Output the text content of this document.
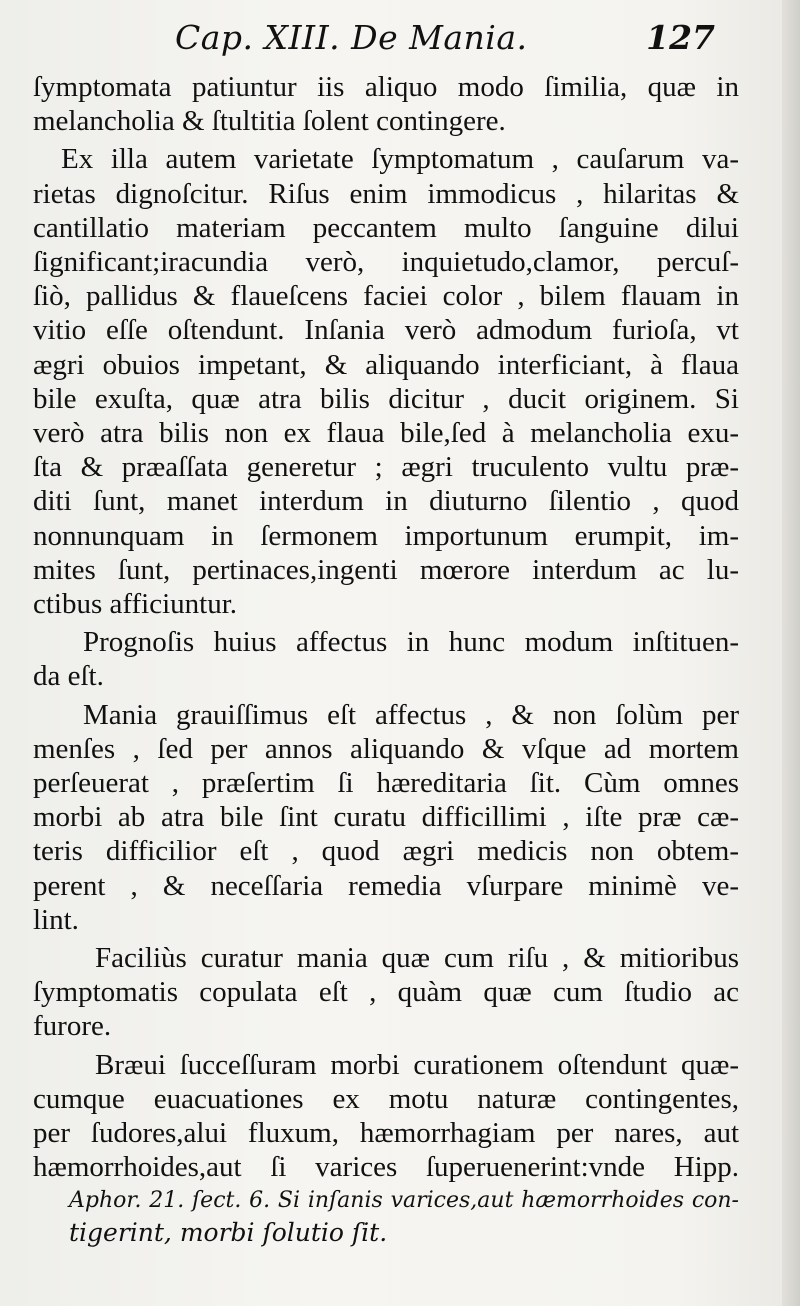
Cap. XIII. De Mania.	127
ſymptomata patiuntur iis aliquo modo ſimilia, quæ in
melancholia & ſtultitia ſolent contingere.
Ex illa autem varietate ſymptomatum , cauſarum va-
rietas dignoſcitur. Riſus enim immodicus , hilaritas &
cantillatio materiam peccantem multo ſanguine dilui
ſignificant;iracundia verò, inquietudo,clamor, percuſ-
ſiò, pallidus & flaueſcens faciei color , bilem flauam in
vitio eſſe oſtendunt. Inſania verò admodum furioſa, vt
ægri obuios impetant, & aliquando interficiant, à flaua
bile exuſta, quæ atra bilis dicitur , ducit originem. Si
verò atra bilis non ex flaua bile,ſed à melancholia exu-
ſta & præaſſata generetur ; ægri truculento vultu præ-
diti ſunt, manet interdum in diuturno ſilentio , quod
nonnunquam in ſermonem importunum erumpit, im-
mites ſunt, pertinaces,ingenti mœrore interdum ac lu-
ctibus afficiuntur.
Prognoſis huius affectus in hunc modum inſtituen-
da eſt.
Mania grauiſſimus eſt affectus , & non ſolùm per
menſes , ſed per annos aliquando & vſque ad mortem
perſeuerat , præſertim ſi hæreditaria ſit. Cùm omnes
morbi ab atra bile ſint curatu difficillimi , iſte præ cæ-
teris difficilior eſt , quod ægri medicis non obtem-
perent , & neceſſaria remedia vſurpare minimè ve-
lint.
Faciliùs curatur mania quæ cum riſu , & mitioribus
ſymptomatis copulata eſt , quàm quæ cum ſtudio ac
furore.
Bræui ſucceſſuram morbi curationem oſtendunt quæ-
cumque euacuationes ex motu naturæ contingentes,
per ſudores,alui fluxum, hæmorrhagiam per nares, aut
hæmorrhoides,aut ſi varices ſuperuenerint:vnde Hipp.
Aphor. 21. ſect. 6. Si inſanis varices,aut hæmorrhoides con-
tigerint, morbi ſolutio ſit.
